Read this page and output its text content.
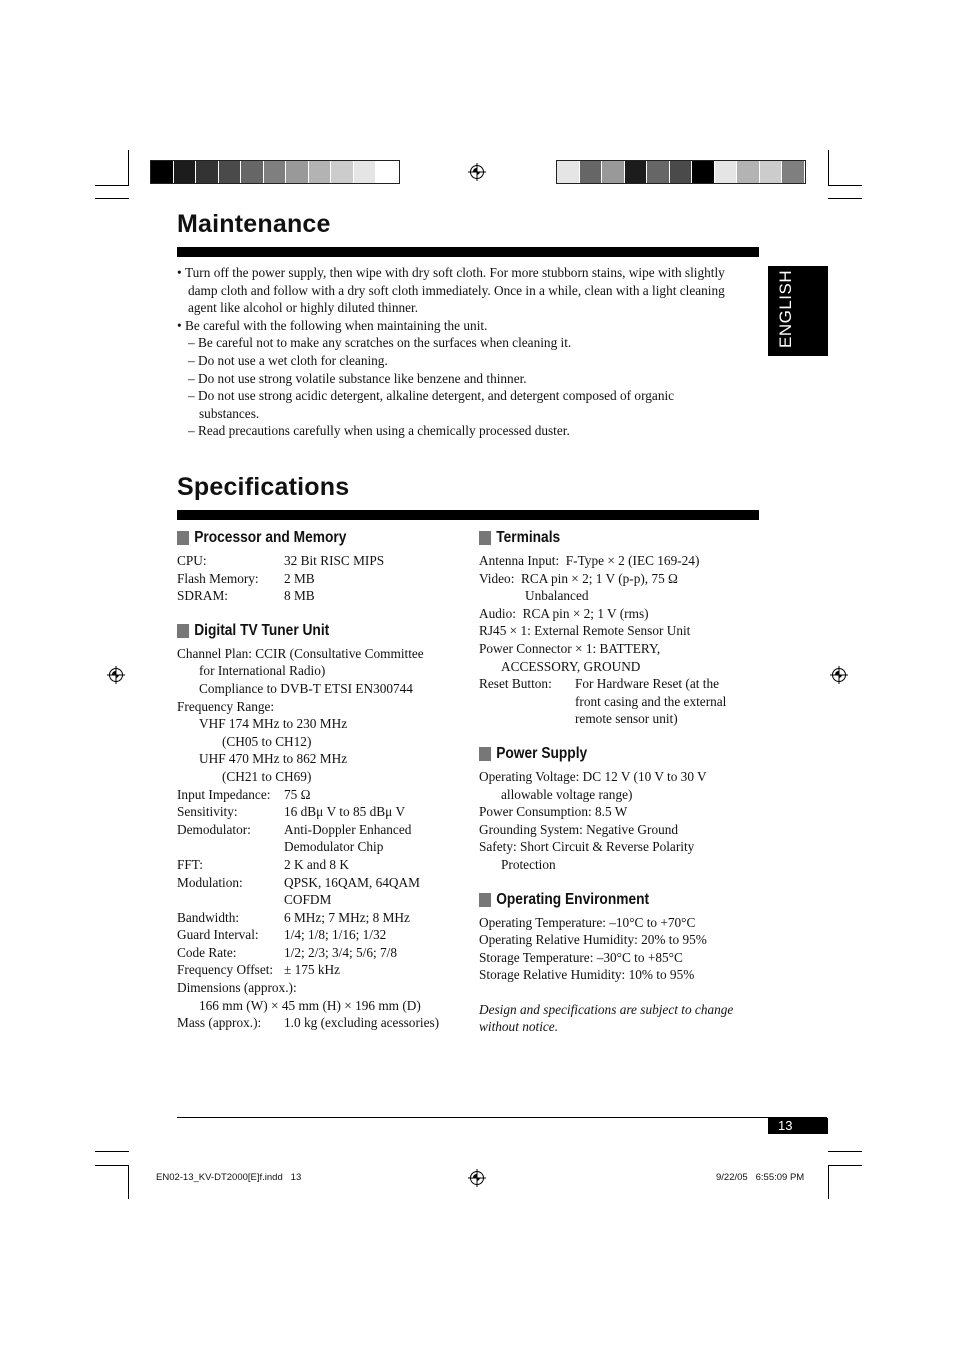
Maintenance

• Turn off the power supply, then wipe with dry soft cloth. For more stubborn stains, wipe with slightly damp cloth and follow with a dry soft cloth immediately. Once in a while, clean with a light cleaning agent like alcohol or highly diluted thinner.

• Be careful with the following when maintaining the unit.

– Be careful not to make any scratches on the surfaces when cleaning it.

– Do not use a wet cloth for cleaning.

– Do not use strong volatile substance like benzene and thinner.

– Do not use strong acidic detergent, alkaline detergent, and detergent composed of organic substances.

– Read precautions carefully when using a chemically processed duster.

ENGLISH
Specifications
Processor and Memory
CPU:	32 Bit RISC MIPS
Flash Memory:	2 MB
SDRAM:	8 MB
Digital TV Tuner Unit

Channel Plan: CCIR (Consultative Committee

for International Radio)

Compliance to DVB-T ETSI EN300744

Frequency Range:

VHF 174 MHz to 230 MHz

(CH05 to CH12)

UHF 470 MHz to 862 MHz

(CH21 to CH69)

Input Impedance:	75 Ω
Sensitivity:	16 dBμ V to 85 dBμ V
Demodulator:	Anti-Doppler Enhanced Demodulator Chip
FFT:	2 K and 8 K
Modulation:	QPSK, 16QAM, 64QAM COFDM
Bandwidth:	6 MHz; 7 MHz; 8 MHz
Guard Interval:	1/4; 1/8; 1/16; 1/32
Code Rate:	1/2; 2/3; 3/4; 5/6; 7/8
Frequency Offset: ± 175 kHz

Dimensions (approx.):

166 mm (W) × 45 mm (H) × 196 mm (D)

Mass (approx.):	1.0 kg (excluding acessories)
Terminals

Antenna Input:  F-Type × 2 (IEC 169-24)

Video:  RCA pin × 2; 1 V (p-p), 75 Ω

Unbalanced

Audio:  RCA pin × 2; 1 V (rms)

RJ45 × 1: External Remote Sensor Unit

Power Connector × 1: BATTERY,

ACCESSORY, GROUND

Reset Button:	For Hardware Reset (at the front casing and the external remote sensor unit)
Power Supply

Operating Voltage: DC 12 V (10 V to 30 V

allowable voltage range)

Power Consumption: 8.5 W

Grounding System: Negative Ground

Safety: Short Circuit & Reverse Polarity

Protection

Operating Environment

Operating Temperature: –10°C to +70°C

Operating Relative Humidity: 20% to 95%

Storage Temperature: –30°C to +85°C

Storage Relative Humidity: 10% to 95%

Design and specifications are subject to change without notice.

13
EN02-13_KV-DT2000[E]f.indd   13	9/22/05   6:55:09 PM
